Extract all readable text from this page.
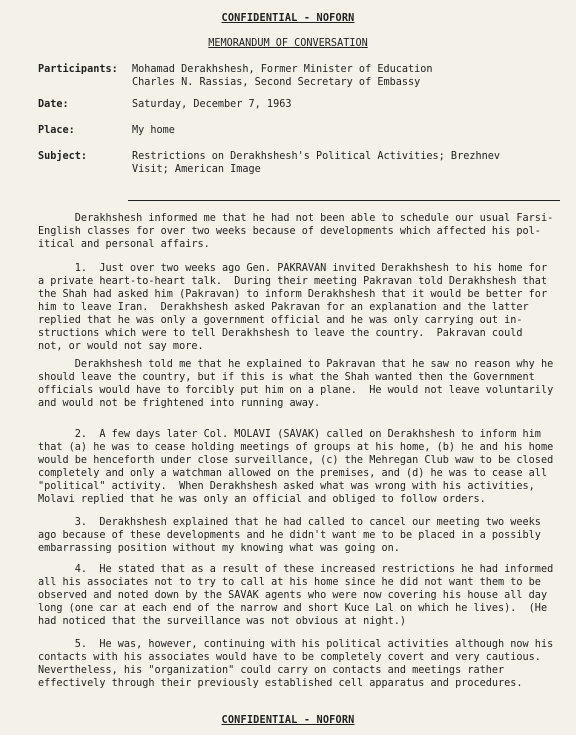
CONFIDENTIAL - NOFORN
MEMORANDUM OF CONVERSATION
Participants:	Mohamad Derakhshesh, Former Minister of Education
Charles N. Rassias, Second Secretary of Embassy
Date:	Saturday, December 7, 1963
Place:	My home
Subject:	Restrictions on Derakhshesh's Political Activities; Brezhnev
Visit; American Image
Derakhshesh informed me that he had not been able to schedule our usual Farsi-
English classes for over two weeks because of developments which affected his pol-
itical and personal affairs.
1.  Just over two weeks ago Gen. PAKRAVAN invited Derakhshesh to his home for
a private heart-to-heart talk.  During their meeting Pakravan told Derakhshesh that
the Shah had asked him (Pakravan) to inform Derakhshesh that it would be better for
him to leave Iran.  Derakhshesh asked Pakravan for an explanation and the latter
replied that he was only a government official and he was only carrying out in-
structions which were to tell Derakhshesh to leave the country.  Pakravan could
not, or would not say more.
Derakhshesh told me that he explained to Pakravan that he saw no reason why he
should leave the country, but if this is what the Shah wanted then the Government
officials would have to forcibly put him on a plane.  He would not leave voluntarily
and would not be frightened into running away.
2.  A few days later Col. MOLAVI (SAVAK) called on Derakhshesh to inform him
that (a) he was to cease holding meetings of groups at his home, (b) he and his home
would be henceforth under close surveillance, (c) the Mehregan Club waw to be closed
completely and only a watchman allowed on the premises, and (d) he was to cease all
"political" activity.  When Derakhshesh asked what was wrong with his activities,
Molavi replied that he was only an official and obliged to follow orders.
3.  Derakhshesh explained that he had called to cancel our meeting two weeks
ago because of these developments and he didn't want me to be placed in a possibly
embarrassing position without my knowing what was going on.
4.  He stated that as a result of these increased restrictions he had informed
all his associates not to try to call at his home since he did not want them to be
observed and noted down by the SAVAK agents who were now covering his house all day
long (one car at each end of the narrow and short Kuce Lal on which he lives).  (He
had noticed that the surveillance was not obvious at night.)
5.  He was, however, continuing with his political activities although now his
contacts with his associates would have to be completely covert and very cautious.
Nevertheless, his "organization" could carry on contacts and meetings rather
effectively through their previously established cell apparatus and procedures.
CONFIDENTIAL - NOFORN
